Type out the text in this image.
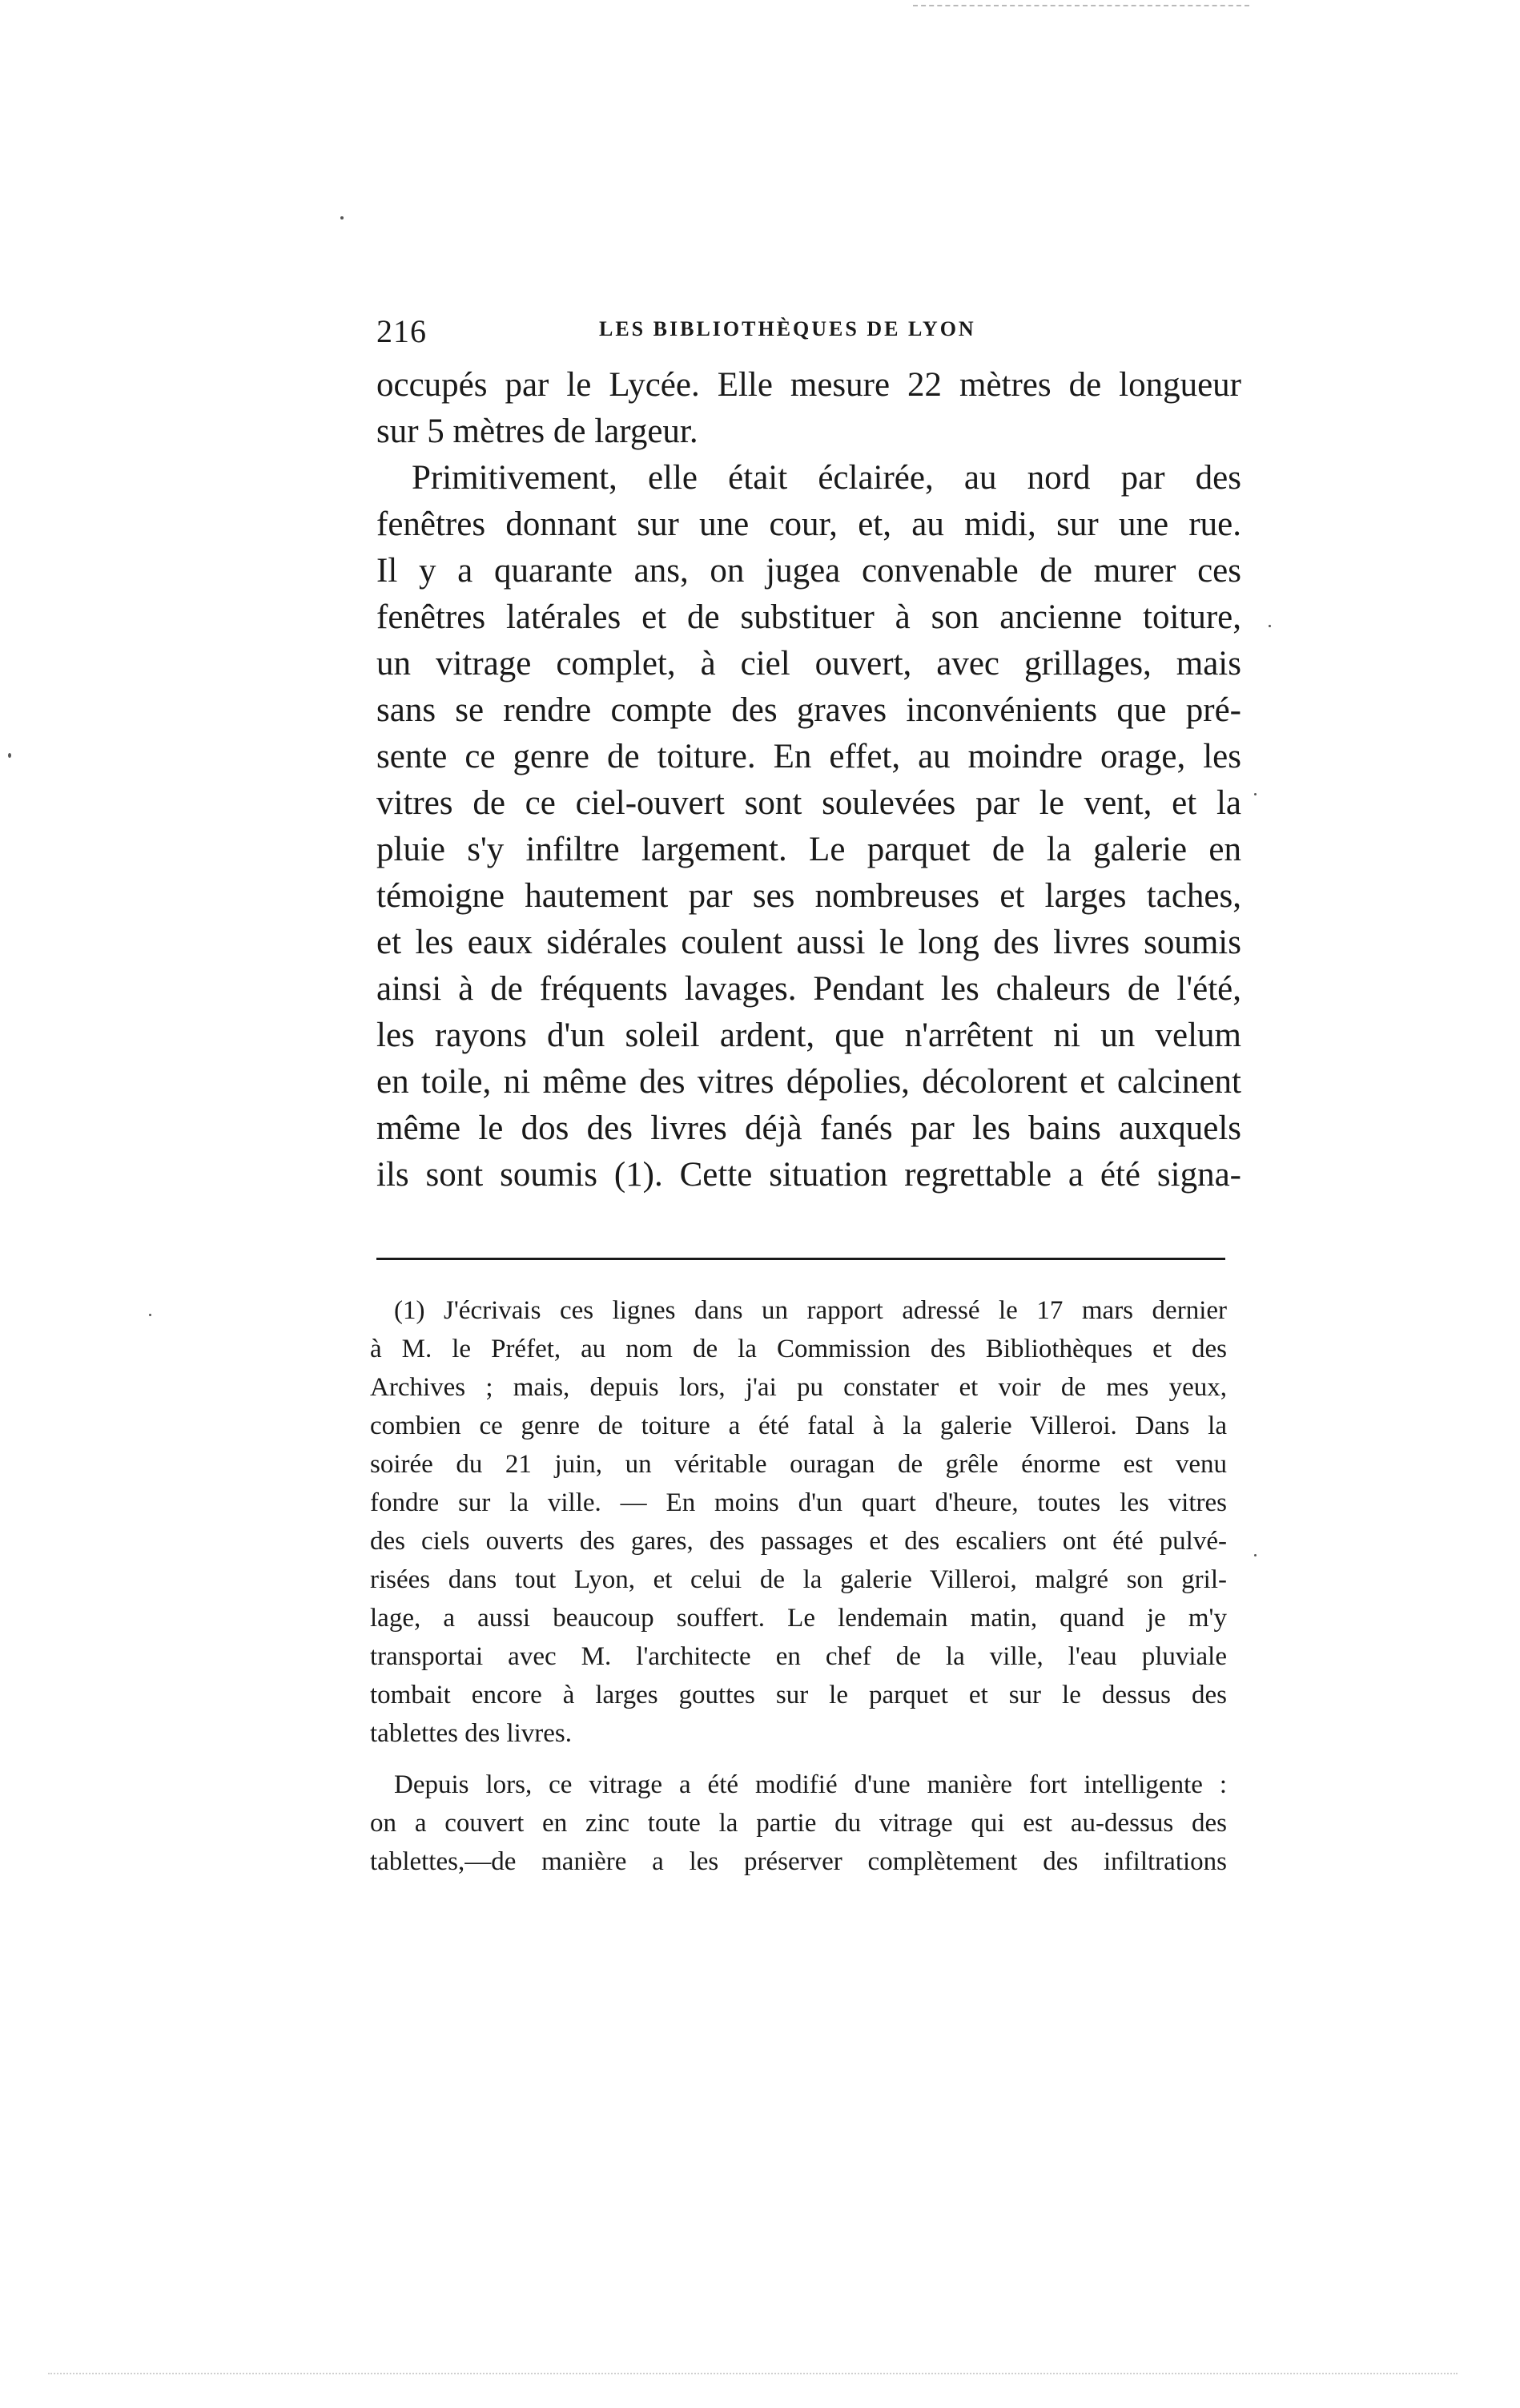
216	LES BIBLIOTHÈQUES DE LYON
occupés par le Lycée. Elle mesure 22 mètres de longueur
sur 5 mètres de largeur.
Primitivement, elle était éclairée, au nord par des
fenêtres donnant sur une cour, et, au midi, sur une rue.
Il y a quarante ans, on jugea convenable de murer ces
fenêtres latérales et de substituer à son ancienne toiture,
un vitrage complet, à ciel ouvert, avec grillages, mais
sans se rendre compte des graves inconvénients que pré-
sente ce genre de toiture. En effet, au moindre orage, les
vitres de ce ciel-ouvert sont soulevées par le vent, et la
pluie s'y infiltre largement. Le parquet de la galerie en
témoigne hautement par ses nombreuses et larges taches,
et les eaux sidérales coulent aussi le long des livres soumis
ainsi à de fréquents lavages. Pendant les chaleurs de l'été,
les rayons d'un soleil ardent, que n'arrêtent ni un velum
en toile, ni même des vitres dépolies, décolorent et calcinent
même le dos des livres déjà fanés par les bains auxquels
ils sont soumis (1). Cette situation regrettable a été signa-

(1) J'écrivais ces lignes dans un rapport adressé le 17 mars dernier
à M. le Préfet, au nom de la Commission des Bibliothèques et des
Archives ; mais, depuis lors, j'ai pu constater et voir de mes yeux,
combien ce genre de toiture a été fatal à la galerie Villeroi. Dans la
soirée du 21 juin, un véritable ouragan de grêle énorme est venu
fondre sur la ville. — En moins d'un quart d'heure, toutes les vitres
des ciels ouverts des gares, des passages et des escaliers ont été pulvé-
risées dans tout Lyon, et celui de la galerie Villeroi, malgré son gril-
lage, a aussi beaucoup souffert. Le lendemain matin, quand je m'y
transportai avec M. l'architecte en chef de la ville, l'eau pluviale
tombait encore à larges gouttes sur le parquet et sur le dessus des
tablettes des livres.

Depuis lors, ce vitrage a été modifié d'une manière fort intelligente :
on a couvert en zinc toute la partie du vitrage qui est au-dessus des
tablettes,—de manière a les préserver complètement des infiltrations
